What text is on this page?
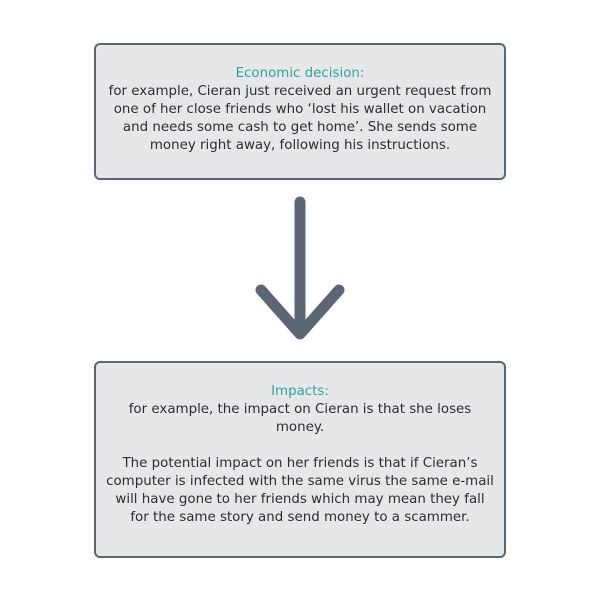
Economic decision:
for example, Cieran just received an urgent request from one of her close friends who ‘lost his wallet on vacation and needs some cash to get home’. She sends some money right away, following his instructions.
Impacts:
for example, the impact on Cieran is that she loses money.
The potential impact on her friends is that if Cieran’s computer is infected with the same virus the same e-mail will have gone to her friends which may mean they fall for the same story and send money to a scammer.
